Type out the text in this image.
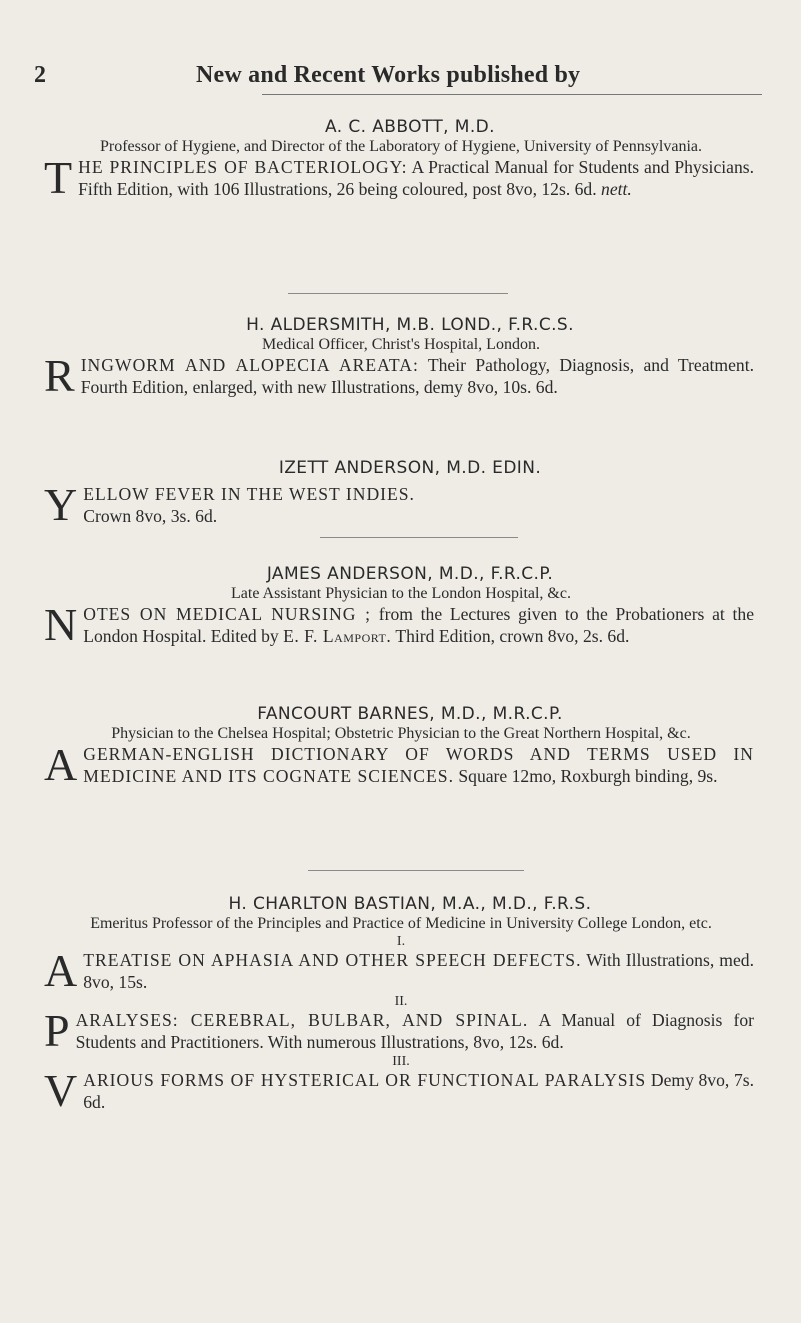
2	New and Recent Works published by
A. C. ABBOTT, M.D.
Professor of Hygiene, and Director of the Laboratory of Hygiene, University of Pennsylvania.
THE PRINCIPLES OF BACTERIOLOGY: A Practical Manual for Students and Physicians. Fifth Edition, with 106 Illustrations, 26 being coloured, post 8vo, 12s. 6d. nett.
H. ALDERSMITH, M.B. LOND., F.R.C.S.
Medical Officer, Christ's Hospital, London.
RINGWORM AND ALOPECIA AREATA: Their Pathology, Diagnosis, and Treatment. Fourth Edition, enlarged, with new Illustrations, demy 8vo, 10s. 6d.
IZETT ANDERSON, M.D. EDIN.
YELLOW FEVER IN THE WEST INDIES.
Crown 8vo, 3s. 6d.
JAMES ANDERSON, M.D., F.R.C.P.
Late Assistant Physician to the London Hospital, &c.
NOTES ON MEDICAL NURSING ; from the Lectures given to the Probationers at the London Hospital. Edited by E. F. Lamport. Third Edition, crown 8vo, 2s. 6d.
FANCOURT BARNES, M.D., M.R.C.P.
Physician to the Chelsea Hospital; Obstetric Physician to the Great Northern Hospital, &c.
AGERMAN-ENGLISH DICTIONARY OF WORDS AND TERMS USED IN MEDICINE AND ITS COGNATE SCIENCES. Square 12mo, Roxburgh binding, 9s.
H. CHARLTON BASTIAN, M.A., M.D., F.R.S.
Emeritus Professor of the Principles and Practice of Medicine in University College London, etc.
I.
ATREATISE ON APHASIA AND OTHER SPEECH DEFECTS. With Illustrations, med. 8vo, 15s.
II.
PARALYSES: CEREBRAL, BULBAR, AND SPINAL. A Manual of Diagnosis for Students and Practitioners. With numerous Illustrations, 8vo, 12s. 6d.
III.
VARIOUS FORMS OF HYSTERICAL OR FUNCTIONAL PARALYSIS Demy 8vo, 7s. 6d.
